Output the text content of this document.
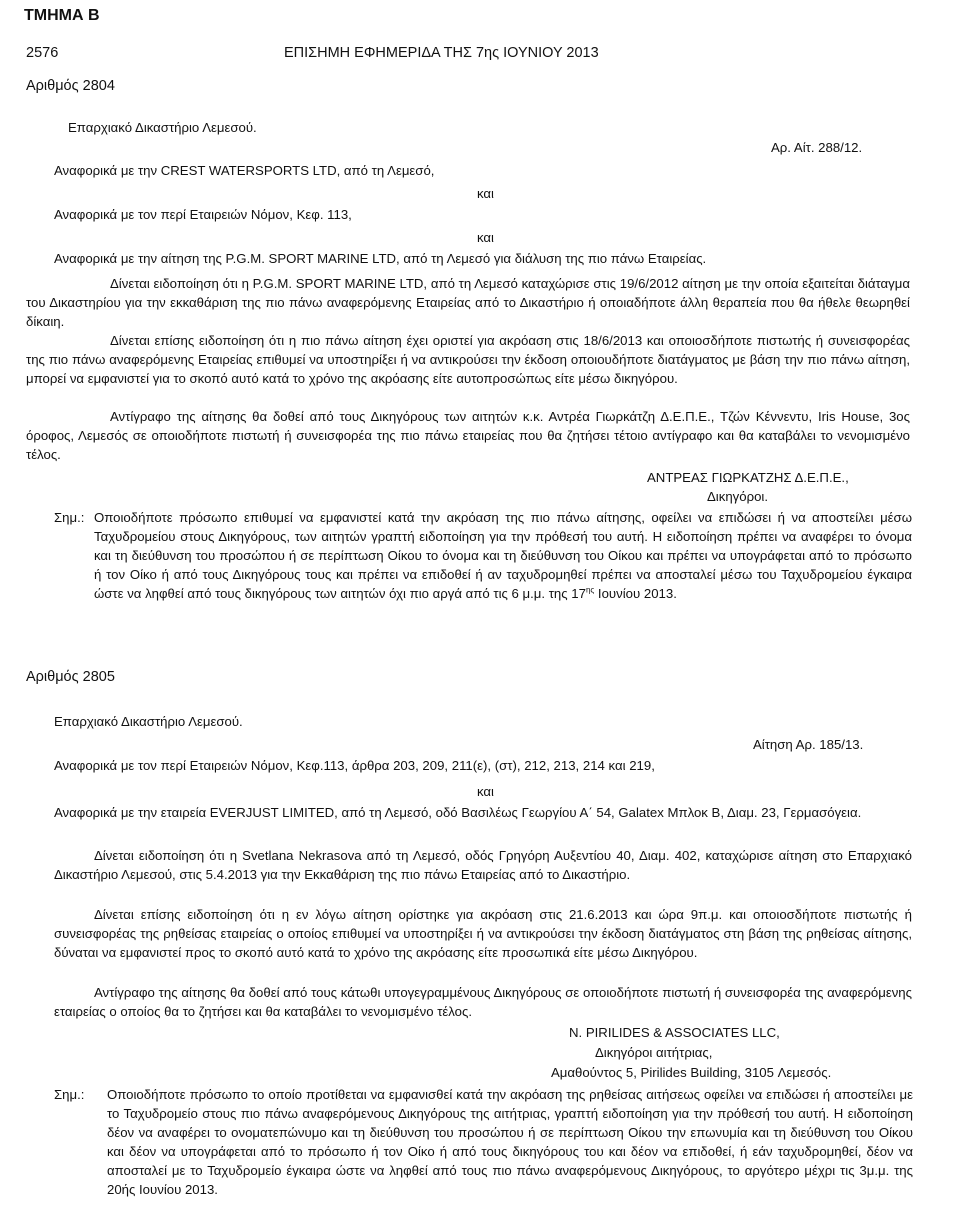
ΤΜΗΜΑ Β
2576	ΕΠΙΣΗΜΗ ΕΦΗΜΕΡΙΔΑ ΤΗΣ 7ης ΙΟΥΝΙΟΥ 2013
Αριθμός 2804
Επαρχιακό Δικαστήριο Λεμεσού.
Αρ. Αίτ. 288/12.
Αναφορικά με την CREST WATERSPORTS LTD, από τη Λεμεσό,
και
Αναφορικά με τον περί Εταιρειών Νόμον, Κεφ. 113,
και
Αναφορικά με την αίτηση της P.G.M. SPORT MARINE LTD, από τη Λεμεσό για διάλυση της πιο πάνω Εταιρείας.
Δίνεται ειδοποίηση ότι η P.G.M. SPORT MARINE LTD, από τη Λεμεσό καταχώρισε στις 19/6/2012 αίτηση με την οποία εξαιτείται διάταγμα του Δικαστηρίου για την εκκαθάριση της πιο πάνω αναφερόμενης Εταιρείας από το Δικαστήριο ή οποιαδήποτε άλλη θεραπεία που θα ήθελε θεωρηθεί δίκαιη.
Δίνεται επίσης ειδοποίηση ότι η πιο πάνω αίτηση έχει οριστεί για ακρόαση στις 18/6/2013 και οποιοσδήποτε πιστωτής ή συνεισφορέας της πιο πάνω αναφερόμενης Εταιρείας επιθυμεί να υποστηρίξει ή να αντικρούσει την έκδοση οποιουδήποτε διατάγματος με βάση την πιο πάνω αίτηση, μπορεί να εμφανιστεί για το σκοπό αυτό κατά το χρόνο της ακρόασης είτε αυτοπροσώπως είτε μέσω δικηγόρου.
Αντίγραφο της αίτησης θα δοθεί από τους Δικηγόρους των αιτητών κ.κ. Αντρέα Γιωρκάτζη Δ.Ε.Π.Ε., Τζών Κέννεντυ, Iris House, 3ος όροφος, Λεμεσός σε οποιοδήποτε πιστωτή ή συνεισφορέα της πιο πάνω εταιρείας που θα ζητήσει τέτοιο αντίγραφο και θα καταβάλει το νενομισμένο τέλος.
ΑΝΤΡΕΑΣ ΓΙΩΡΚΑΤΖΗΣ Δ.Ε.Π.Ε.,
Δικηγόροι.
Σημ.: Οποιοδήποτε πρόσωπο επιθυμεί να εμφανιστεί κατά την ακρόαση της πιο πάνω αίτησης, οφείλει να επιδώσει ή να αποστείλει μέσω Ταχυδρομείου στους Δικηγόρους, των αιτητών γραπτή ειδοποίηση για την πρόθεσή του αυτή. Η ειδοποίηση πρέπει να αναφέρει το όνομα και τη διεύθυνση του προσώπου ή σε περίπτωση Οίκου το όνομα και τη διεύθυνση του Οίκου και πρέπει να υπογράφεται από το πρόσωπο ή τον Οίκο ή από τους Δικηγόρους τους και πρέπει να επιδοθεί ή αν ταχυδρομηθεί πρέπει να αποσταλεί μέσω του Ταχυδρομείου έγκαιρα ώστε να ληφθεί από τους δικηγόρους των αιτητών όχι πιο αργά από τις 6 μ.μ. της $17^{\eta\varsigma}$ Ιουνίου 2013.
Αριθμός 2805
Επαρχιακό Δικαστήριο Λεμεσού.
Αίτηση Αρ. 185/13.
Αναφορικά με τον περί Εταιρειών Νόμον, Κεφ.113, άρθρα 203, 209, 211(ε), (στ), 212, 213, 214 και 219,
και
Αναφορικά με την εταιρεία EVERJUST LIMITED, από τη Λεμεσό, οδό Βασιλέως Γεωργίου Α΄ 54, Galatex Μπλοκ Β, Διαμ. 23, Γερμασόγεια.
Δίνεται ειδοποίηση ότι η Svetlana Nekrasova από τη Λεμεσό, οδός Γρηγόρη Αυξεντίου 40, Διαμ. 402, καταχώρισε αίτηση στο Επαρχιακό Δικαστήριο Λεμεσού, στις 5.4.2013 για την Εκκαθάριση της πιο πάνω Εταιρείας από το Δικαστήριο.
Δίνεται επίσης ειδοποίηση ότι η εν λόγω αίτηση ορίστηκε για ακρόαση στις 21.6.2013 και ώρα 9π.μ. και οποιοσδήποτε πιστωτής ή συνεισφορέας της ρηθείσας εταιρείας ο οποίος επιθυμεί να υποστηρίξει ή να αντικρούσει την έκδοση διατάγματος στη βάση της ρηθείσας αίτησης, δύναται να εμφανιστεί προς το σκοπό αυτό κατά το χρόνο της ακρόασης είτε προσωπικά είτε μέσω Δικηγόρου.
Αντίγραφο της αίτησης θα δοθεί από τους κάτωθι υπογεγραμμένους Δικηγόρους σε οποιοδήποτε πιστωτή ή συνεισφορέα της αναφερόμενης εταιρείας ο οποίος θα το ζητήσει και θα καταβάλει το νενομισμένο τέλος.
N. PIRILIDES & ASSOCIATES LLC,
Δικηγόροι αιτήτριας,
Αμαθούντος 5, Pirilides Building, 3105 Λεμεσός.
Σημ.: Οποιοδήποτε πρόσωπο το οποίο προτίθεται να εμφανισθεί κατά την ακρόαση της ρηθείσας αιτήσεως οφείλει να επιδώσει ή αποστείλει με το Ταχυδρομείο στους πιο πάνω αναφερόμενους Δικηγόρους της αιτήτριας, γραπτή ειδοποίηση για την πρόθεσή του αυτή. Η ειδοποίηση δέον να αναφέρει το ονοματεπώνυμο και τη διεύθυνση του προσώπου ή σε περίπτωση Οίκου την επωνυμία και τη διεύθυνση του Οίκου και δέον να υπογράφεται από το πρόσωπο ή τον Οίκο ή από τους δικηγόρους του και δέον να επιδοθεί, ή εάν ταχυδρομηθεί, δέον να αποσταλεί με το Ταχυδρομείο έγκαιρα ώστε να ληφθεί από τους πιο πάνω αναφερόμενους Δικηγόρους, το αργότερο μέχρι τις 3μ.μ. της 20ής Ιουνίου 2013.
